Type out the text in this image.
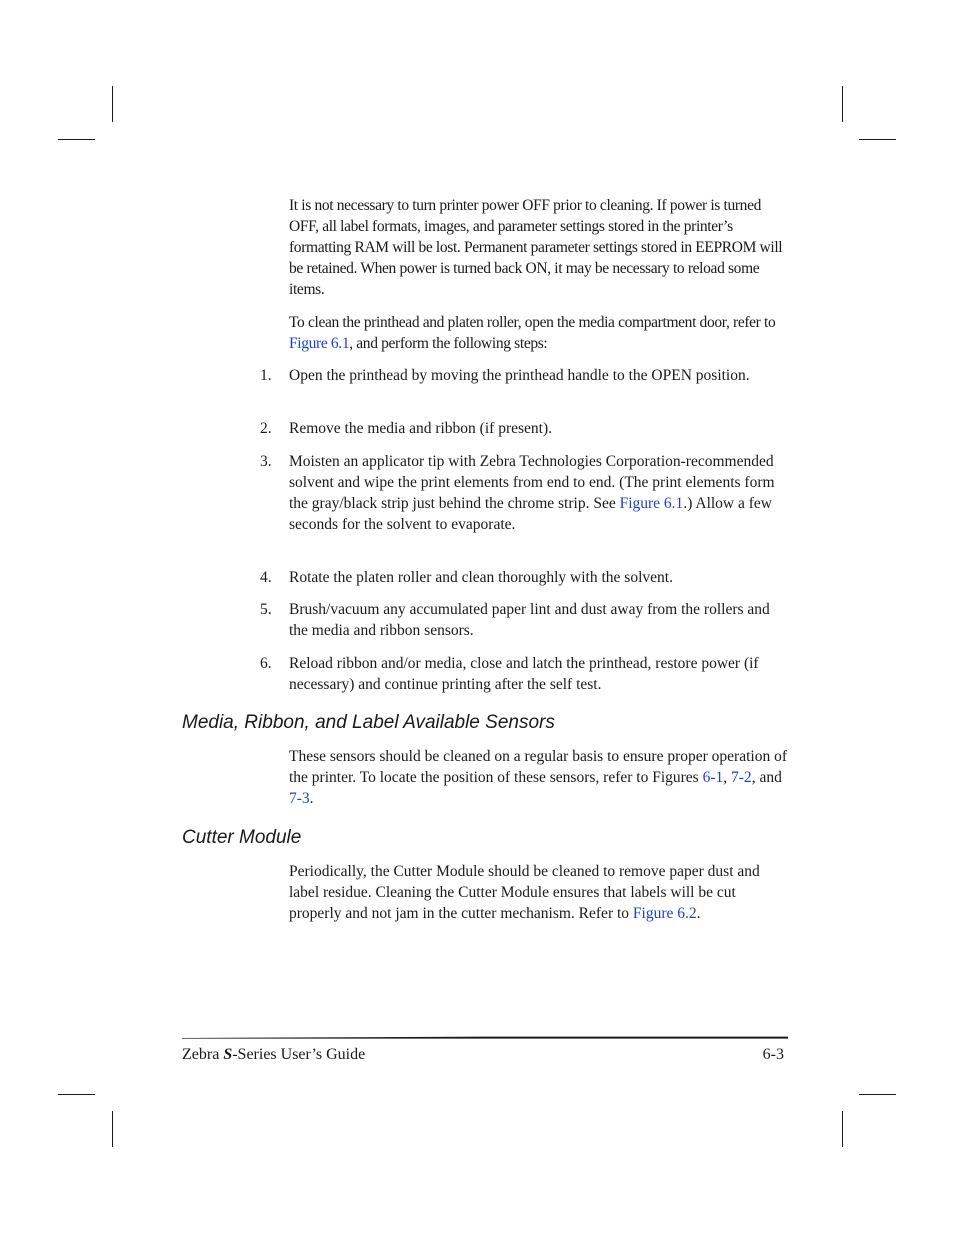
It is not necessary to turn printer power OFF prior to cleaning. If power is turned OFF, all label formats, images, and parameter settings stored in the printer’s formatting RAM will be lost. Permanent parameter settings stored in EEPROM will be retained. When power is turned back ON, it may be necessary to reload some items.

To clean the printhead and platen roller, open the media compartment door, refer to Figure 6.1, and perform the following steps:

1. Open the printhead by moving the printhead handle to the OPEN position.
2. Remove the media and ribbon (if present).
3. Moisten an applicator tip with Zebra Technologies Corporation-recommended solvent and wipe the print elements from end to end. (The print elements form the gray/black strip just behind the chrome strip. See Figure 6.1.) Allow a few seconds for the solvent to evaporate.
4. Rotate the platen roller and clean thoroughly with the solvent.
5. Brush/vacuum any accumulated paper lint and dust away from the rollers and the media and ribbon sensors.
6. Reload ribbon and/or media, close and latch the printhead, restore power (if necessary) and continue printing after the self test.
Media, Ribbon, and Label Available Sensors

These sensors should be cleaned on a regular basis to ensure proper operation of the printer. To locate the position of these sensors, refer to Figures 6-1, 7-2, and 7-3.

Cutter Module

Periodically, the Cutter Module should be cleaned to remove paper dust and label residue. Cleaning the Cutter Module ensures that labels will be cut properly and not jam in the cutter mechanism. Refer to Figure 6.2.

Zebra S-Series User’s Guide	6-3
